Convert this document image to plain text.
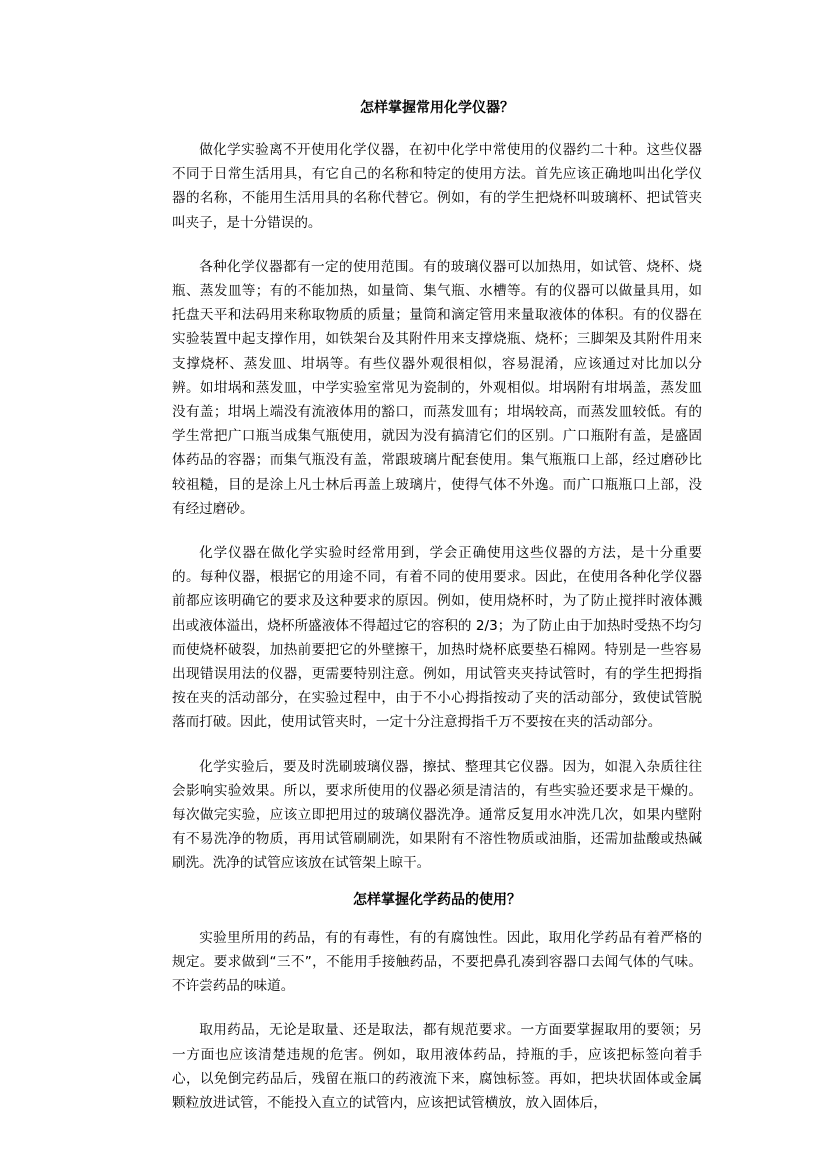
怎样掌握常用化学仪器？

做化学实验离不开使用化学仪器，在初中化学中常使用的仪器约二十种。这些仪器不同于日常生活用具，有它自己的名称和特定的使用方法。首先应该正确地叫出化学仪器的名称，不能用生活用具的名称代替它。例如，有的学生把烧杯叫玻璃杯、把试管夹叫夹子，是十分错误的。

各种化学仪器都有一定的使用范围。有的玻璃仪器可以加热用，如试管、烧杯、烧瓶、蒸发皿等；有的不能加热，如量筒、集气瓶、水槽等。有的仪器可以做量具用，如托盘天平和法码用来称取物质的质量；量筒和滴定管用来量取液体的体积。有的仪器在实验装置中起支撑作用，如铁架台及其附件用来支撑烧瓶、烧杯；三脚架及其附件用来支撑烧杯、蒸发皿、坩埚等。有些仪器外观很相似，容易混淆，应该通过对比加以分辨。如坩埚和蒸发皿，中学实验室常见为瓷制的，外观相似。坩埚附有坩埚盖，蒸发皿没有盖；坩埚上端没有流液体用的豁口，而蒸发皿有；坩埚较高，而蒸发皿较低。有的学生常把广口瓶当成集气瓶使用，就因为没有搞清它们的区别。广口瓶附有盖，是盛固体药品的容器；而集气瓶没有盖，常跟玻璃片配套使用。集气瓶瓶口上部，经过磨砂比较祖糙，目的是涂上凡士林后再盖上玻璃片，使得气体不外逸。而广口瓶瓶口上部，没有经过磨砂。

化学仪器在做化学实验时经常用到，学会正确使用这些仪器的方法，是十分重要的。每种仪器，根据它的用途不同，有着不同的使用要求。因此，在使用各种化学仪器前都应该明确它的要求及这种要求的原因。例如，使用烧杯时，为了防止搅拌时液体溅出或液体溢出，烧杯所盛液体不得超过它的容积的 2/3；为了防止由于加热时受热不均匀而使烧杯破裂，加热前要把它的外壁擦干，加热时烧杯底要垫石棉网。特别是一些容易出现错误用法的仪器，更需要特别注意。例如，用试管夹夹持试管时，有的学生把拇指按在夹的活动部分，在实验过程中，由于不小心拇指按动了夹的活动部分，致使试管脱落而打破。因此，使用试管夹时，一定十分注意拇指千万不要按在夹的活动部分。

化学实验后，要及时洗刷玻璃仪器，擦拭、整理其它仪器。因为，如混入杂质往往会影响实验效果。所以，要求所使用的仪器必须是清洁的，有些实验还要求是干燥的。每次做完实验，应该立即把用过的玻璃仪器洗净。通常反复用水冲洗几次，如果内壁附有不易洗净的物质，再用试管刷刷洗，如果附有不溶性物质或油脂，还需加盐酸或热碱刷洗。洗净的试管应该放在试管架上晾干。

怎样掌握化学药品的使用？

实验里所用的药品，有的有毒性，有的有腐蚀性。因此，取用化学药品有着严格的规定。要求做到“三不”，不能用手接触药品，不要把鼻孔凑到容器口去闻气体的气味。不许尝药品的味道。

取用药品，无论是取量、还是取法，都有规范要求。一方面要掌握取用的要领；另一方面也应该清楚违规的危害。例如，取用液体药品，持瓶的手，应该把标签向着手心，以免倒完药品后，残留在瓶口的药液流下来，腐蚀标签。再如，把块状固体或金属颗粒放进试管，不能投入直立的试管内，应该把试管横放，放入固体后，
